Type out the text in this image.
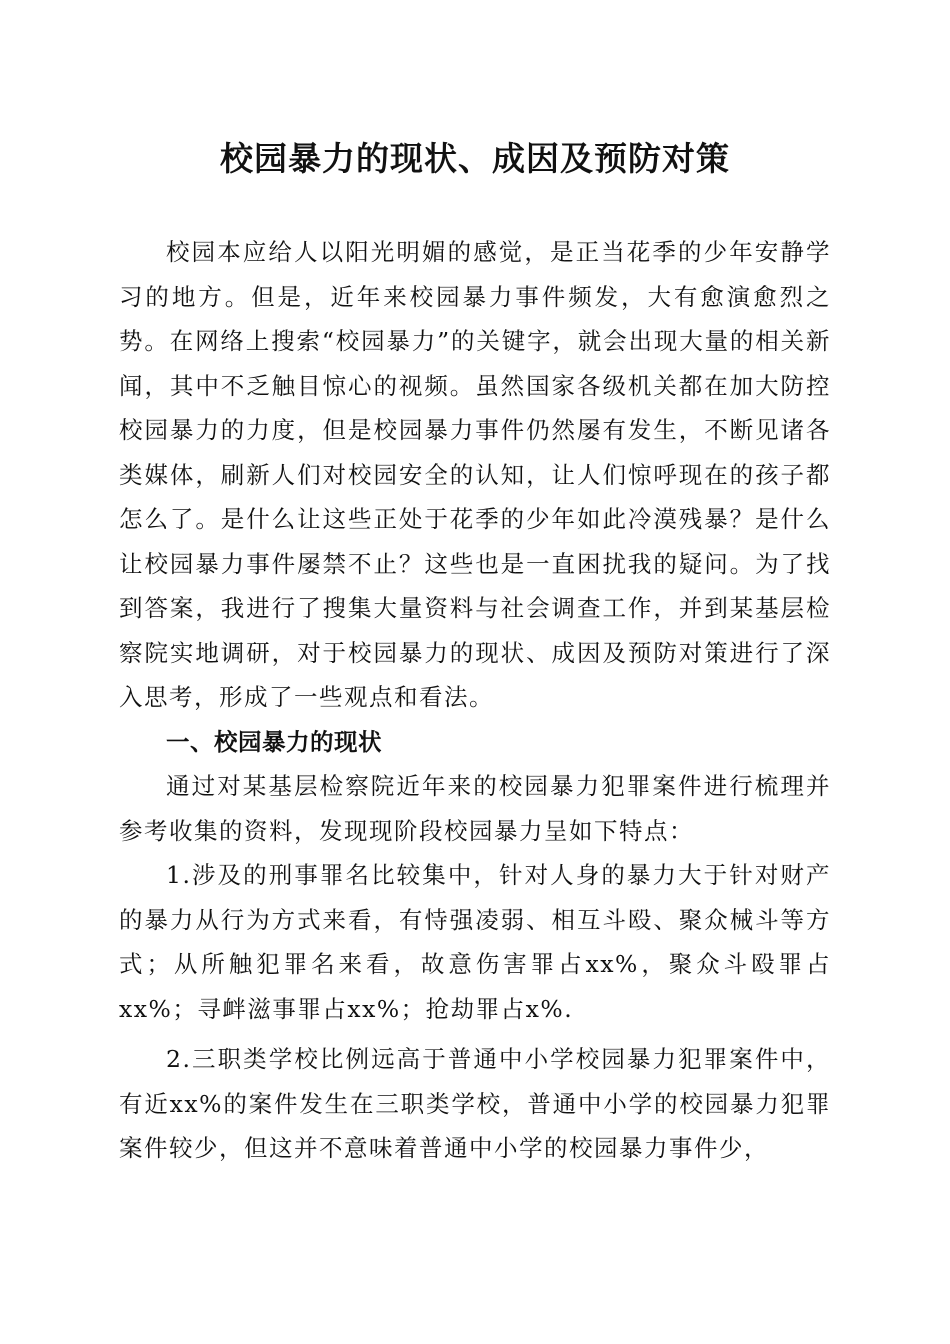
校园暴力的现状、成因及预防对策

校园本应给人以阳光明媚的感觉，是正当花季的少年安静学习的地方。但是，近年来校园暴力事件频发，大有愈演愈烈之势。在网络上搜索“校园暴力”的关键字，就会出现大量的相关新闻，其中不乏触目惊心的视频。虽然国家各级机关都在加大防控校园暴力的力度，但是校园暴力事件仍然屡有发生，不断见诸各类媒体，刷新人们对校园安全的认知，让人们惊呼现在的孩子都怎么了。是什么让这些正处于花季的少年如此冷漠残暴？是什么让校园暴力事件屡禁不止？这些也是一直困扰我的疑问。为了找到答案，我进行了搜集大量资料与社会调查工作，并到某基层检察院实地调研，对于校园暴力的现状、成因及预防对策进行了深入思考，形成了一些观点和看法。

一、校园暴力的现状

通过对某基层检察院近年来的校园暴力犯罪案件进行梳理并参考收集的资料，发现现阶段校园暴力呈如下特点：

1.涉及的刑事罪名比较集中，针对人身的暴力大于针对财产的暴力从行为方式来看，有恃强凌弱、相互斗殴、聚众械斗等方式；从所触犯罪名来看，故意伤害罪占xx%，聚众斗殴罪占xx%；寻衅滋事罪占xx%；抢劫罪占x%.

2.三职类学校比例远高于普通中小学校园暴力犯罪案件中，有近xx%的案件发生在三职类学校，普通中小学的校园暴力犯罪案件较少，但这并不意味着普通中小学的校园暴力事件少，
